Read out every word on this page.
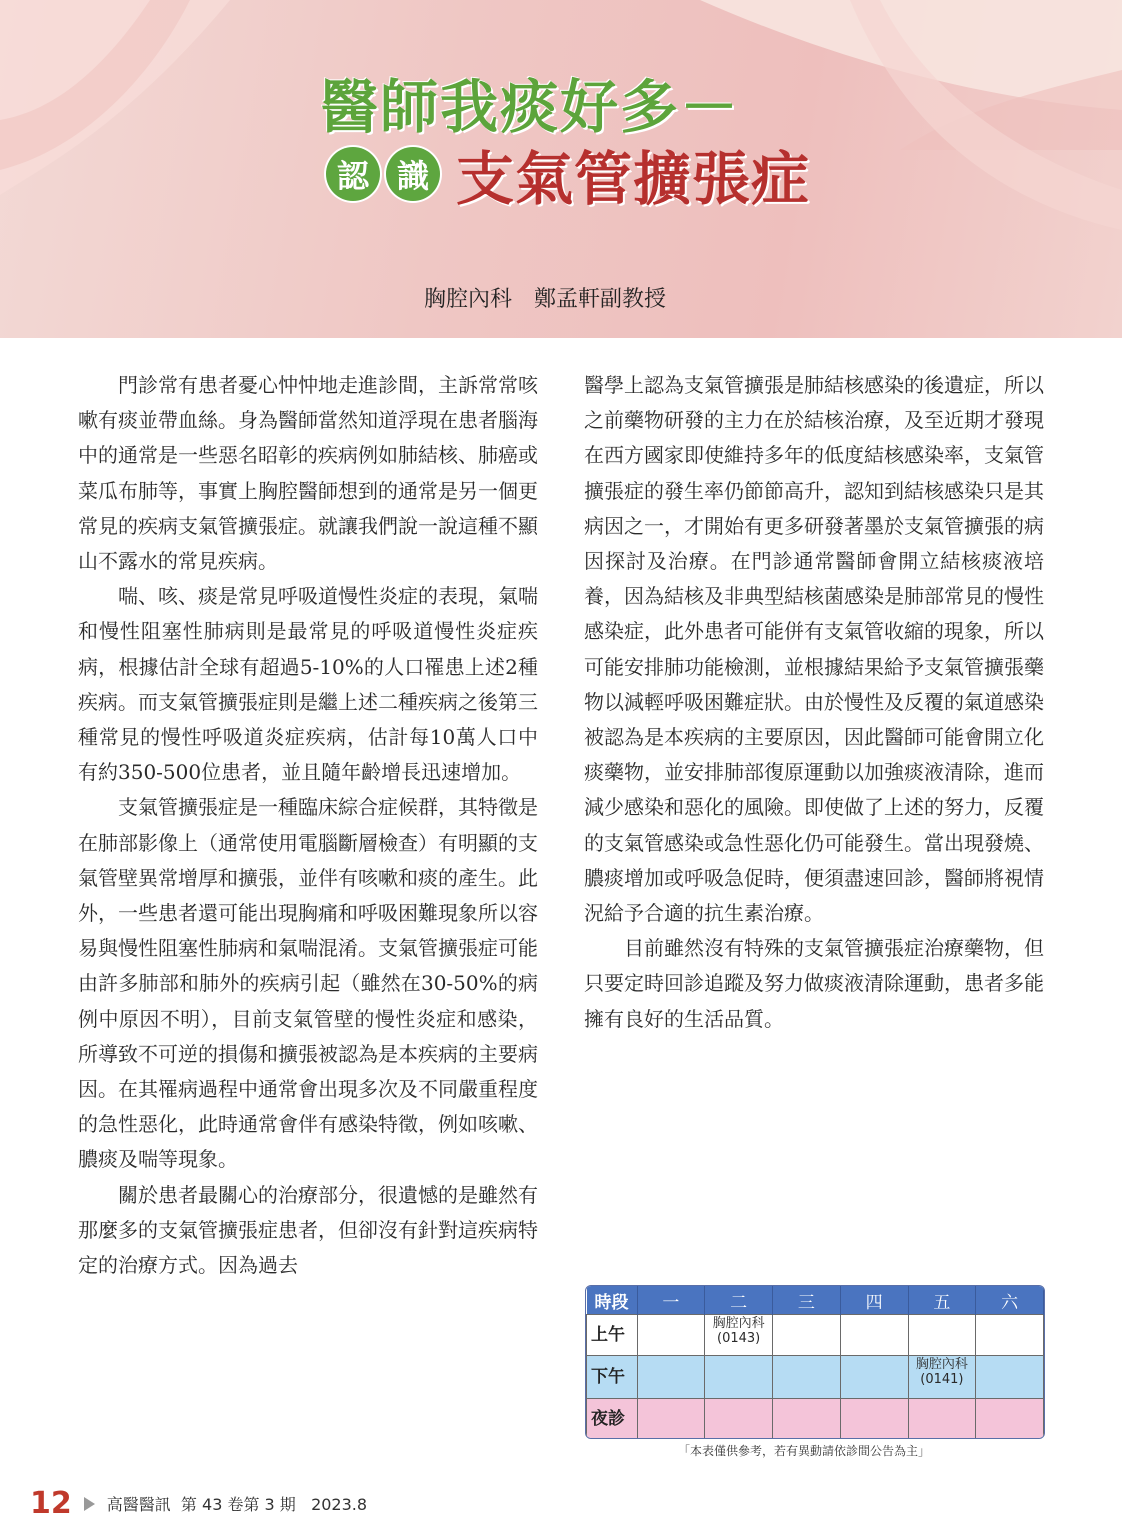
醫師我痰好多－
認 識 支氣管擴張症
胸腔內科　鄭孟軒副教授

門診常有患者憂心忡忡地走進診間，主訴常常咳嗽有痰並帶血絲。身為醫師當然知道浮現在患者腦海中的通常是一些惡名昭彰的疾病例如肺結核、肺癌或菜瓜布肺等，事實上胸腔醫師想到的通常是另一個更常見的疾病支氣管擴張症。就讓我們說一說這種不顯山不露水的常見疾病。

喘、咳、痰是常見呼吸道慢性炎症的表現，氣喘和慢性阻塞性肺病則是最常見的呼吸道慢性炎症疾病，根據估計全球有超過5-10%的人口罹患上述2種疾病。而支氣管擴張症則是繼上述二種疾病之後第三種常見的慢性呼吸道炎症疾病，估計每10萬人口中有約350-500位患者，並且隨年齡增長迅速增加。

支氣管擴張症是一種臨床綜合症候群，其特徵是在肺部影像上（通常使用電腦斷層檢查）有明顯的支氣管壁異常增厚和擴張，並伴有咳嗽和痰的產生。此外，一些患者還可能出現胸痛和呼吸困難現象所以容易與慢性阻塞性肺病和氣喘混淆。支氣管擴張症可能由許多肺部和肺外的疾病引起（雖然在30-50%的病例中原因不明），目前支氣管壁的慢性炎症和感染，所導致不可逆的損傷和擴張被認為是本疾病的主要病因。在其罹病過程中通常會出現多次及不同嚴重程度的急性惡化，此時通常會伴有感染特徵，例如咳嗽、膿痰及喘等現象。

關於患者最關心的治療部分，很遺憾的是雖然有那麼多的支氣管擴張症患者，但卻沒有針對這疾病特定的治療方式。因為過去

醫學上認為支氣管擴張是肺結核感染的後遺症，所以之前藥物研發的主力在於結核治療，及至近期才發現在西方國家即使維持多年的低度結核感染率，支氣管擴張症的發生率仍節節高升，認知到結核感染只是其病因之一，才開始有更多研發著墨於支氣管擴張的病因探討及治療。在門診通常醫師會開立結核痰液培養，因為結核及非典型結核菌感染是肺部常見的慢性感染症，此外患者可能併有支氣管收縮的現象，所以可能安排肺功能檢測，並根據結果給予支氣管擴張藥物以減輕呼吸困難症狀。由於慢性及反覆的氣道感染被認為是本疾病的主要原因，因此醫師可能會開立化痰藥物，並安排肺部復原運動以加強痰液清除，進而減少感染和惡化的風險。即使做了上述的努力，反覆的支氣管感染或急性惡化仍可能發生。當出現發燒、膿痰增加或呼吸急促時，便須盡速回診，醫師將視情況給予合適的抗生素治療。

目前雖然沒有特殊的支氣管擴張症治療藥物，但只要定時回診追蹤及努力做痰液清除運動，患者多能擁有良好的生活品質。

時段	一	二	三	四	五	六
上午		胸腔內科
(0143)				
下午					胸腔內科
(0141)	
夜診						
「本表僅供參考，若有異動請依診間公告為主」
12 高醫醫訊  第 43 卷第 3 期   2023.8
